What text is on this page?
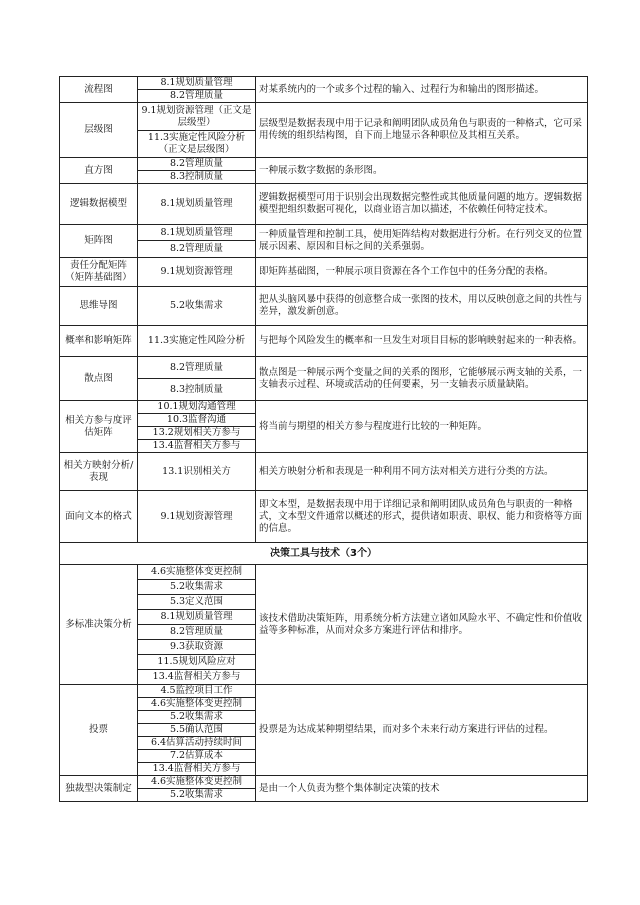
流程图	8.1规划质量管理	对某系统内的一个或多个过程的输入、过程行为和输出的图形描述。
	8.2管理质量	
层级图	9.1规划资源管理（正文是层级型）	层级型是数据表现中用于记录和阐明团队成员角色与职责的一种格式，它可采用传统的组织结构图，自下而上地显示各种职位及其相互关系。
	11.3实施定性风险分析（正文是层级图）	
直方图	8.2管理质量	一种展示数字数据的条形图。
	8.3控制质量	
逻辑数据模型	8.1规划质量管理	逻辑数据模型可用于识别会出现数据完整性或其他质量问题的地方。逻辑数据模型把组织数据可视化，以商业语言加以描述，不依赖任何特定技术。
矩阵图	8.1规划质量管理	一种质量管理和控制工具，使用矩阵结构对数据进行分析。在行列交叉的位置展示因素、原因和目标之间的关系强弱。
	8.2管理质量	
责任分配矩阵（矩阵基础图）	9.1规划资源管理	即矩阵基础图，一种展示项目资源在各个工作包中的任务分配的表格。
思维导图	5.2收集需求	把从头脑风暴中获得的创意整合成一张图的技术，用以反映创意之间的共性与差异，激发新创意。
概率和影响矩阵	11.3实施定性风险分析	与把每个风险发生的概率和一旦发生对项目目标的影响映射起来的一种表格。
散点图	8.2管理质量	散点图是一种展示两个变量之间的关系的图形，它能够展示两支轴的关系，一支轴表示过程、环境或活动的任何要素，另一支轴表示质量缺陷。
	8.3控制质量	
相关方参与度评估矩阵	10.1规划沟通管理	将当前与期望的相关方参与程度进行比较的一种矩阵。
	10.3监督沟通	
	13.2规划相关方参与	
	13.4监督相关方参与	
相关方映射分析/表现	13.1识别相关方	相关方映射分析和表现是一种利用不同方法对相关方进行分类的方法。
面向文本的格式	9.1规划资源管理	即文本型，是数据表现中用于详细记录和阐明团队成员角色与职责的一种格式，文本型文件通常以概述的形式，提供诸如职责、职权、能力和资格等方面的信息。
决策工具与技术（3个）		
多标准决策分析	4.6实施整体变更控制	该技术借助决策矩阵，用系统分析方法建立诸如风险水平、不确定性和价值收益等多种标准，从而对众多方案进行评估和排序。
	5.2收集需求	
	5.3定义范围	
	8.1规划质量管理	
	8.2管理质量	
	9.3获取资源	
	11.5规划风险应对	
	13.4监督相关方参与	
投票	4.5监控项目工作	投票是为达成某种期望结果，而对多个未来行动方案进行评估的过程。
	4.6实施整体变更控制	
	5.2收集需求	
	5.5确认范围	
	6.4估算活动持续时间	
	7.2估算成本	
	13.4监督相关方参与	
独裁型决策制定	4.6实施整体变更控制	是由一个人负责为整个集体制定决策的技术
	5.2收集需求	
